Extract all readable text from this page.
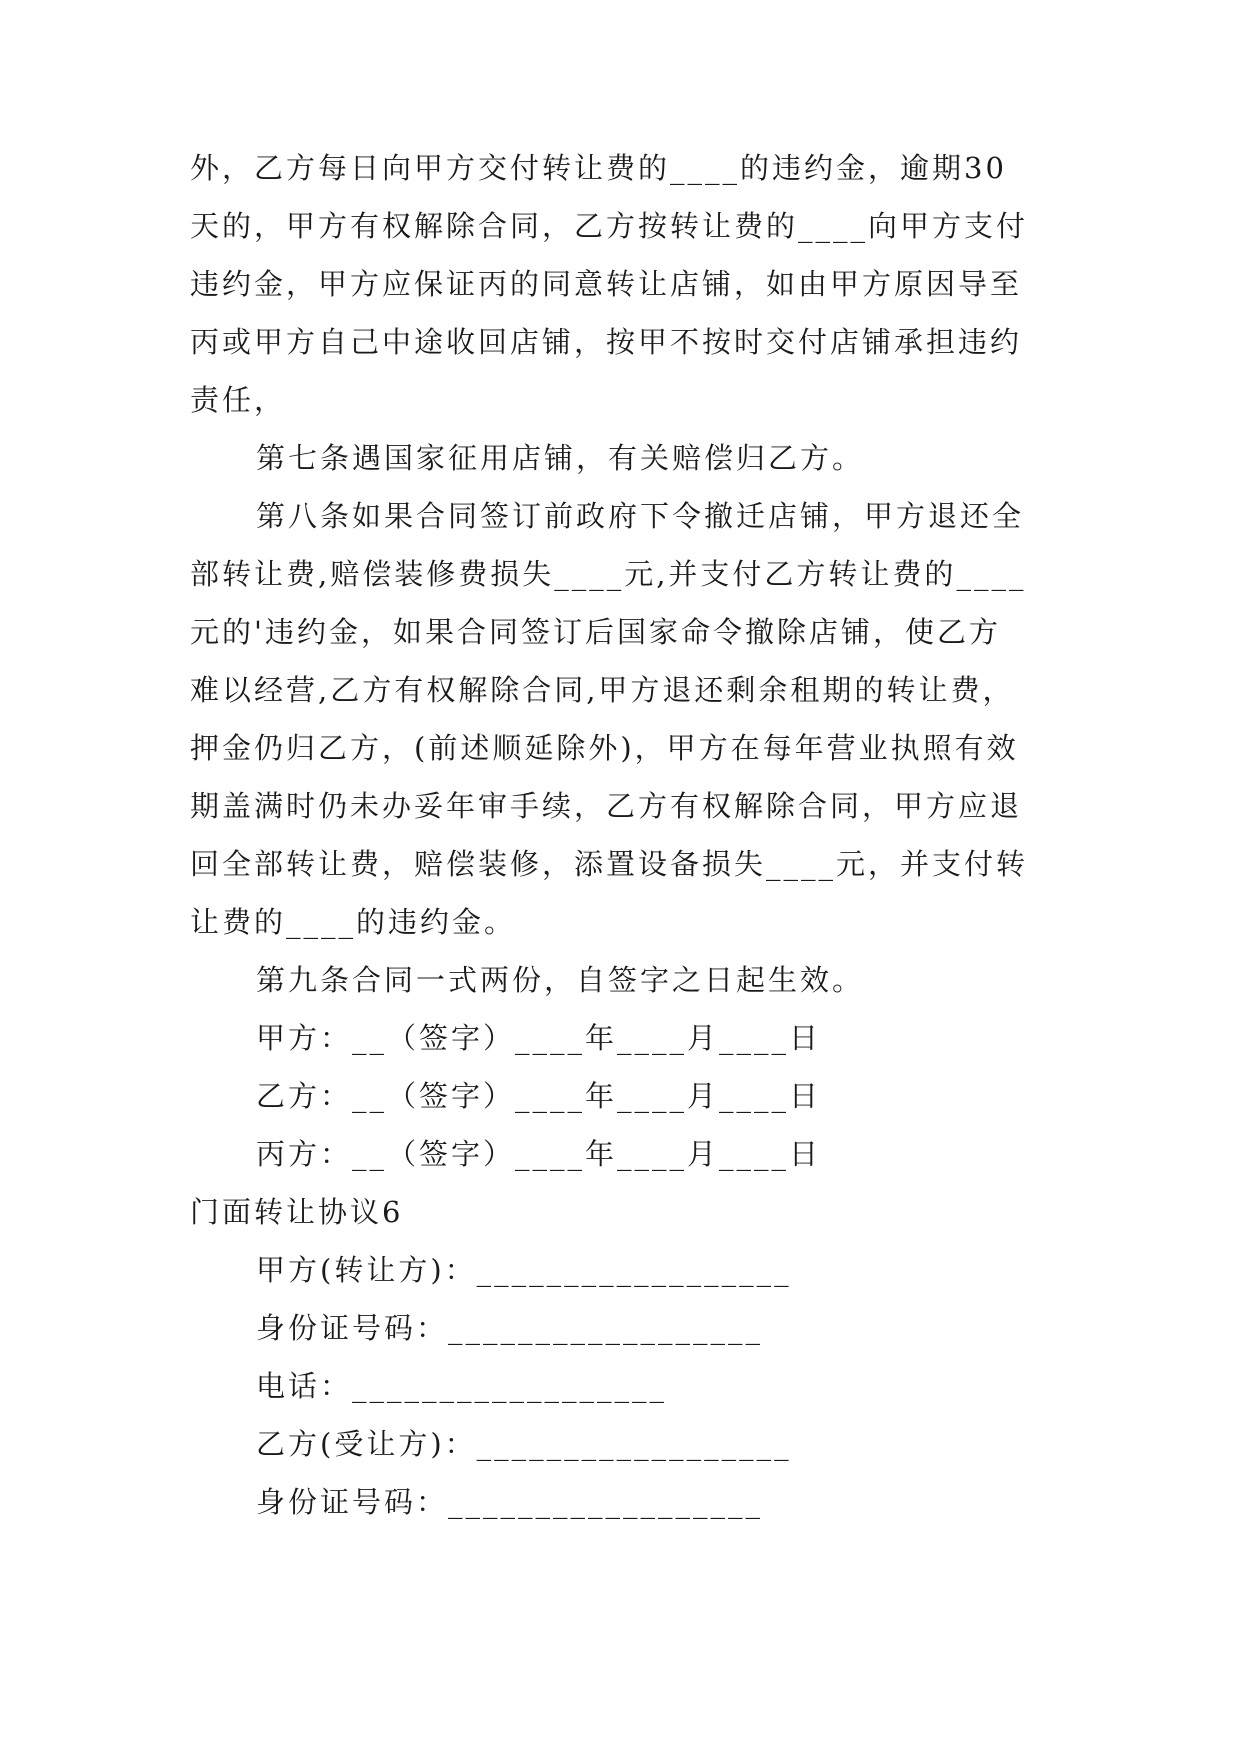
外，乙方每日向甲方交付转让费的____的违约金，逾期30
天的，甲方有权解除合同，乙方按转让费的____向甲方支付
违约金，甲方应保证丙的同意转让店铺，如由甲方原因导至
丙或甲方自己中途收回店铺，按甲不按时交付店铺承担违约
责任，
第七条遇国家征用店铺，有关赔偿归乙方。
第八条如果合同签订前政府下令撤迁店铺，甲方退还全
部转让费,赔偿装修费损失____元,并支付乙方转让费的____
元的'违约金，如果合同签订后国家命令撤除店铺，使乙方
难以经营,乙方有权解除合同,甲方退还剩余租期的转让费，
押金仍归乙方，(前述顺延除外)，甲方在每年营业执照有效
期盖满时仍未办妥年审手续，乙方有权解除合同，甲方应退
回全部转让费，赔偿装修，添置设备损失____元，并支付转
让费的____的违约金。
第九条合同一式两份，自签字之日起生效。
甲方：__（签字）____年____月____日
乙方：__（签字）____年____月____日
丙方：__（签字）____年____月____日
门面转让协议6
甲方(转让方)：__________________
身份证号码：__________________
电话：__________________
乙方(受让方)：__________________
身份证号码：__________________
